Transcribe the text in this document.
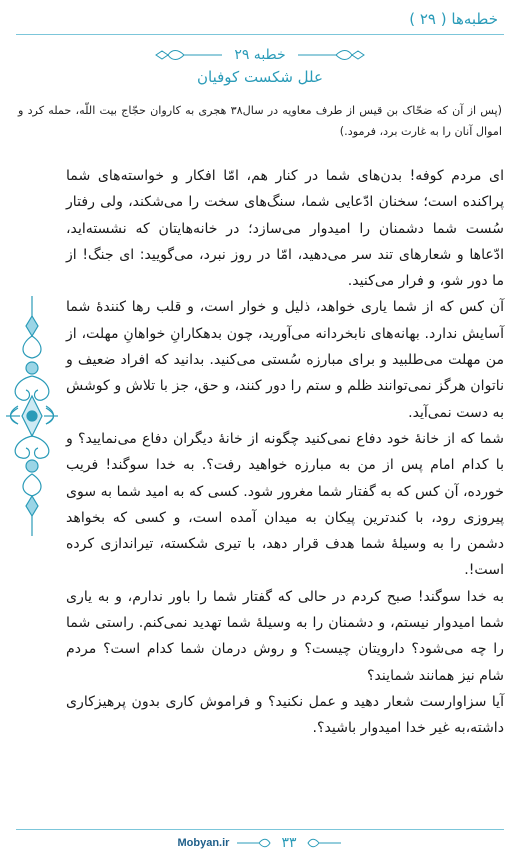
خطبه‌ها ( ۲۹ )
خطبه ۲۹
علل شکست کوفیان
(پس از آن که ضحّاک بن قیس از طرف معاویه در سال۳۸ هجری به کاروان حجّاج بیت اللّه، حمله کرد و اموال آنان را به غارت برد، فرمود.)

ای مردم کوفه! بدن‌های شما در کنار هم، امّا افکار و خواسته‌های شما پراکنده است؛ سخنان ادّعایی شما، سنگ‌های سخت را می‌شکند، ولی رفتار سُست شما دشمنان را امیدوار می‌سازد؛ در خانه‌هایتان که نشسته‌اید، ادّعاها و شعارهای تند سر می‌دهید، امّا در روز نبرد، می‌گویید: ای جنگ! از ما دور شو، و فرار می‌کنید.

آن کس که از شما یاری خواهد، ذلیل و خوار است، و قلب رها کنندهٔ شما آسایش ندارد. بهانه‌های نابخردانه می‌آورید، چون بدهکارانِ خواهانِ مهلت، از من مهلت می‌طلبید و برای مبارزه سُستی می‌کنید. بدانید که افراد ضعیف و ناتوان هرگز نمی‌توانند ظلم و ستم را دور کنند، و حق، جز با تلاش و کوشش به دست نمی‌آید.

شما که از خانهٔ خود دفاع نمی‌کنید چگونه از خانهٔ دیگران دفاع می‌نمایید؟ و با کدام امام پس از من به مبارزه خواهید رفت؟. به خدا سوگند! فریب خورده، آن کس که به گفتار شما مغرور شود. کسی که به امید شما به سوی پیروزی رود، با کندترین پیکان به میدان آمده است، و کسی که بخواهد دشمن را به وسیلهٔ شما هدف قرار دهد، با تیری شکسته، تیراندازی کرده است!.

به خدا سوگند! صبح کردم در حالی که گفتار شما را باور ندارم، و به یاری شما امیدوار نیستم، و دشمنان را به وسیلهٔ شما تهدید نمی‌کنم. راستی شما را چه می‌شود؟ دارویتان چیست؟ و روش درمان شما کدام است؟ مردم شام نیز همانند شمایند؟

آیا سزاوارست شعار دهید و عمل نکنید؟ و فراموش کاری بدون پرهیزکاری داشته،به غیر خدا امیدوار باشید؟.

Mobyan.ir	۳۳
